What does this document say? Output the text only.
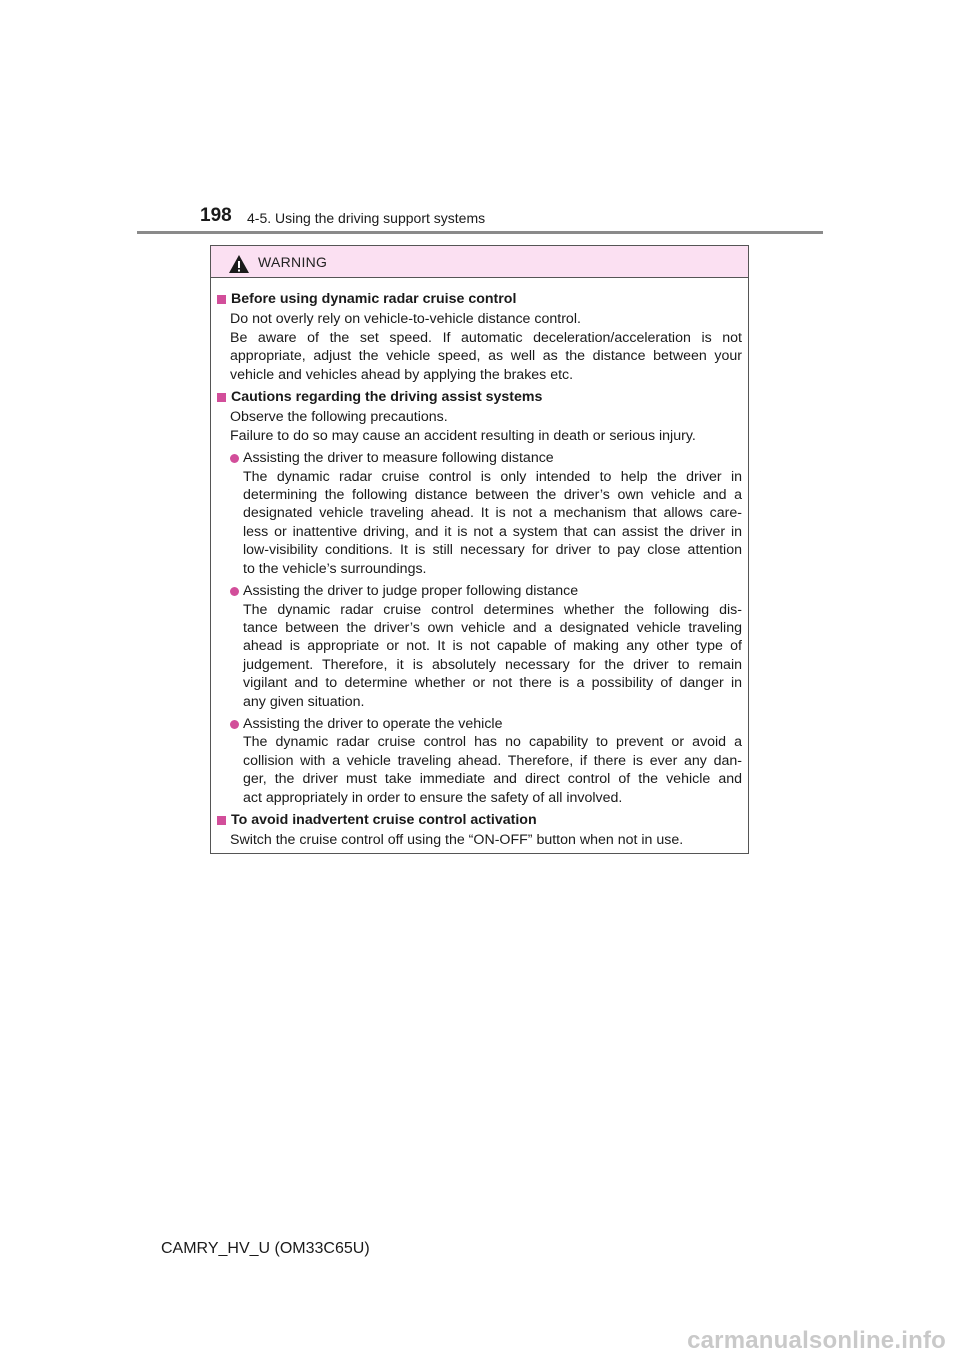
198 4-5. Using the driving support systems
WARNING
Before using dynamic radar cruise control
Do not overly rely on vehicle-to-vehicle distance control.
Be aware of the set speed. If automatic deceleration/acceleration is not
appropriate, adjust the vehicle speed, as well as the distance between your
vehicle and vehicles ahead by applying the brakes etc.
Cautions regarding the driving assist systems
Observe the following precautions.
Failure to do so may cause an accident resulting in death or serious injury.
Assisting the driver to measure following distance
The dynamic radar cruise control is only intended to help the driver in
determining the following distance between the driver’s own vehicle and a
designated vehicle traveling ahead. It is not a mechanism that allows care-
less or inattentive driving, and it is not a system that can assist the driver in
low-visibility conditions. It is still necessary for driver to pay close attention
to the vehicle’s surroundings.
Assisting the driver to judge proper following distance
The dynamic radar cruise control determines whether the following dis-
tance between the driver’s own vehicle and a designated vehicle traveling
ahead is appropriate or not. It is not capable of making any other type of
judgement. Therefore, it is absolutely necessary for the driver to remain
vigilant and to determine whether or not there is a possibility of danger in
any given situation.
Assisting the driver to operate the vehicle
The dynamic radar cruise control has no capability to prevent or avoid a
collision with a vehicle traveling ahead. Therefore, if there is ever any dan-
ger, the driver must take immediate and direct control of the vehicle and
act appropriately in order to ensure the safety of all involved.
To avoid inadvertent cruise control activation
Switch the cruise control off using the “ON-OFF” button when not in use.
CAMRY_HV_U (OM33C65U)
carmanualsonline.info
